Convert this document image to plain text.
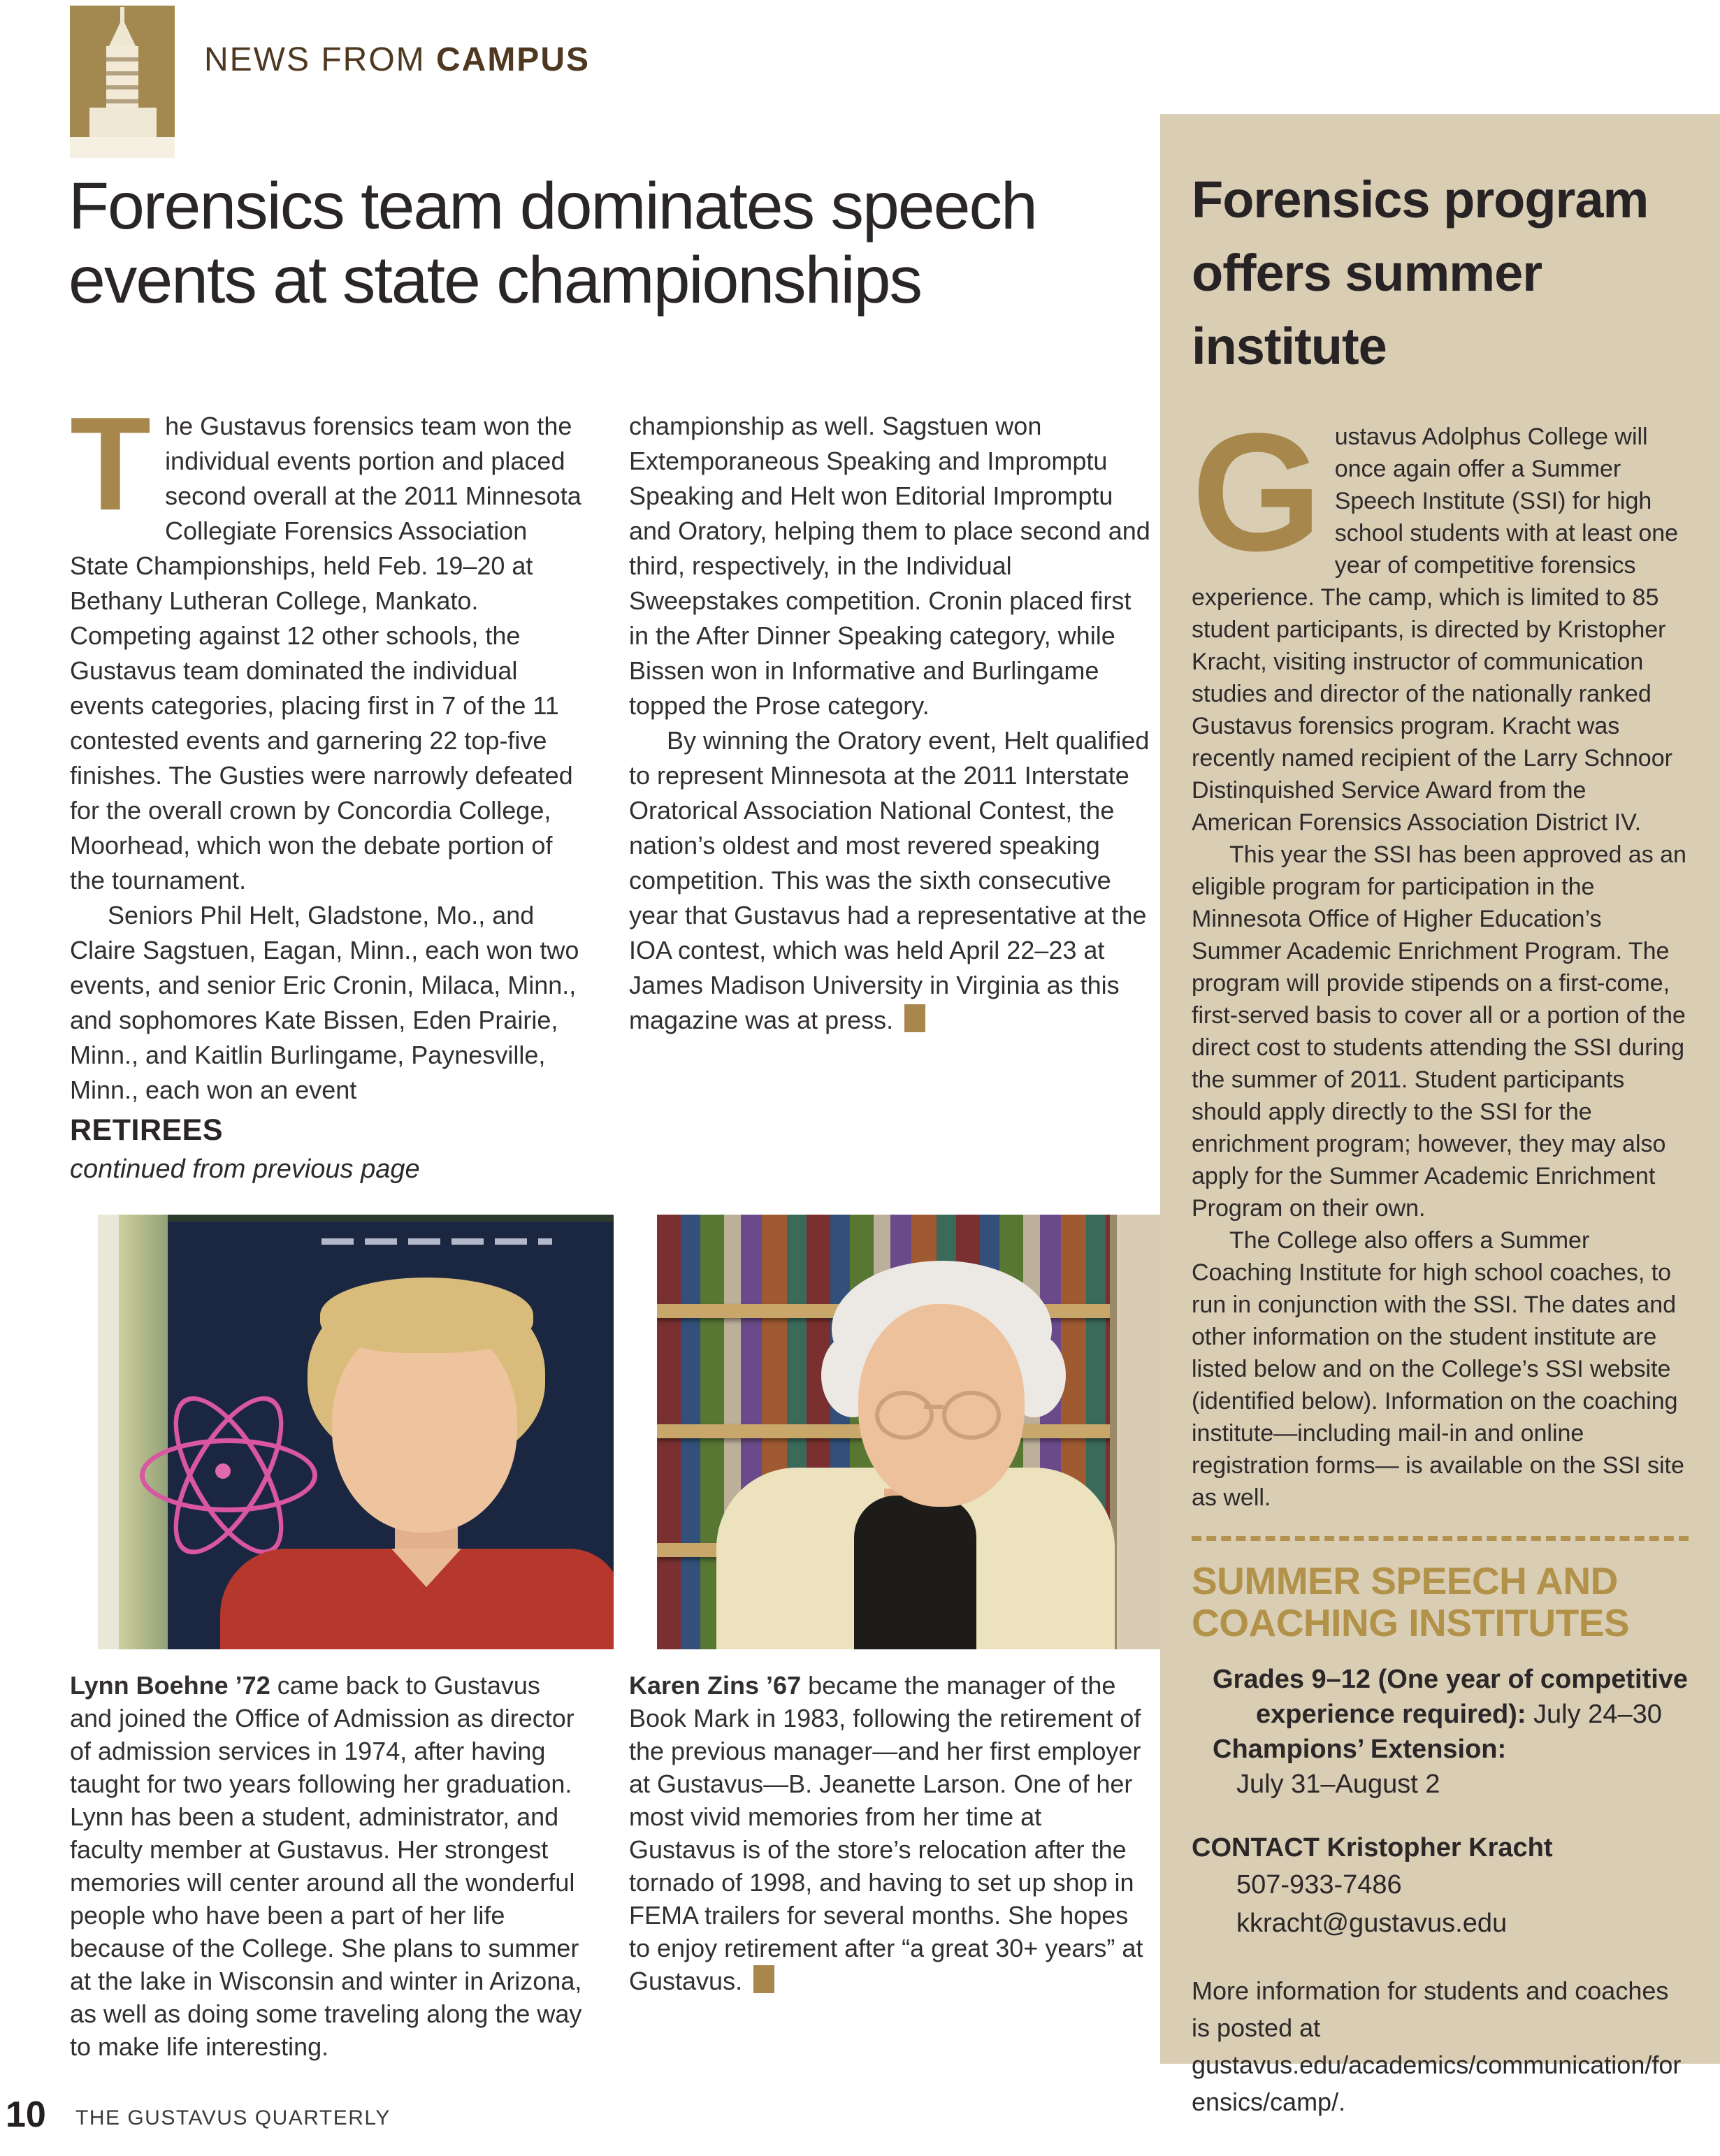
NEWS FROM CAMPUS
Forensics team dominates speech events at state championships
T he Gustavus forensics team won the individual events portion and placed second overall at the 2011 Minnesota Collegiate Forensics Association State Championships, held Feb. 19–20 at Bethany Lutheran College, Mankato. Competing against 12 other schools, the Gustavus team dominated the individual events categories, placing first in 7 of the 11 contested events and garnering 22 top-five finishes. The Gusties were narrowly defeated for the overall crown by Concordia College, Moorhead, which won the debate portion of the tournament.

Seniors Phil Helt, Gladstone, Mo., and Claire Sagstuen, Eagan, Minn., each won two events, and senior Eric Cronin, Milaca, Minn., and sophomores Kate Bissen, Eden Prairie, Minn., and Kaitlin Burlingame, Paynesville, Minn., each won an event

championship as well. Sagstuen won Extemporaneous Speaking and Impromptu Speaking and Helt won Editorial Impromptu and Oratory, helping them to place second and third, respectively, in the Individual Sweepstakes competition. Cronin placed first in the After Dinner Speaking category, while Bissen won in Informative and Burlingame topped the Prose category.

By winning the Oratory event, Helt qualified to represent Minnesota at the 2011 Interstate Oratorical Association National Contest, the nation’s oldest and most revered speaking competition. This was the sixth consecutive year that Gustavus had a representative at the IOA contest, which was held April 22–23 at James Madison University in Virginia as this magazine was at press.

RETIREES

continued from previous page

Lynn Boehne ’72 came back to Gustavus and joined the Office of Admission as director of admission services in 1974, after having taught for two years following her graduation. Lynn has been a student, administrator, and faculty member at Gustavus. Her strongest memories will center around all the wonderful people who have been a part of her life because of the College. She plans to summer at the lake in Wisconsin and winter in Arizona, as well as doing some traveling along the way to make life interesting.

Karen Zins ’67 became the manager of the Book Mark in 1983, following the retirement of the previous manager—and her first employer at Gustavus—B. Jeanette Larson. One of her most vivid memories from her time at Gustavus is of the store’s relocation after the tornado of 1998, and having to set up shop in FEMA trailers for several months. She hopes to enjoy retirement after “a great 30+ years” at Gustavus.

Forensics program offers summer institute
G ustavus Adolphus College will once again offer a Summer Speech Institute (SSI) for high school students with at least one year of competitive forensics experience. The camp, which is limited to 85 student participants, is directed by Kristopher Kracht, visiting instructor of communication studies and director of the nationally ranked Gustavus forensics program. Kracht was recently named recipient of the Larry Schnoor Distinquished Service Award from the American Forensics Association District IV.

This year the SSI has been approved as an eligible program for participation in the Minnesota Office of Higher Education’s Summer Academic Enrichment Program. The program will provide stipends on a first-come, first-served basis to cover all or a portion of the direct cost to students attending the SSI during the summer of 2011. Student participants should apply directly to the SSI for the enrichment program; however, they may also apply for the Summer Academic Enrichment Program on their own.

The College also offers a Summer Coaching Institute for high school coaches, to run in conjunction with the SSI. The dates and other information on the student institute are listed below and on the College’s SSI website (identified below). Information on the coaching institute—including mail-in and online registration forms— is available on the SSI site as well.

SUMMER SPEECH AND COACHING INSTITUTES

Grades 9–12 (One year of competitive experience required): July 24–30

Champions’ Extension:

July 31–August 2

CONTACT Kristopher Kracht

507-933-7486

kkracht@gustavus.edu

More information for students and coaches is posted at gustavus.edu/academics/communication/forensics/camp/.

10 THE GUSTAVUS QUARTERLY
